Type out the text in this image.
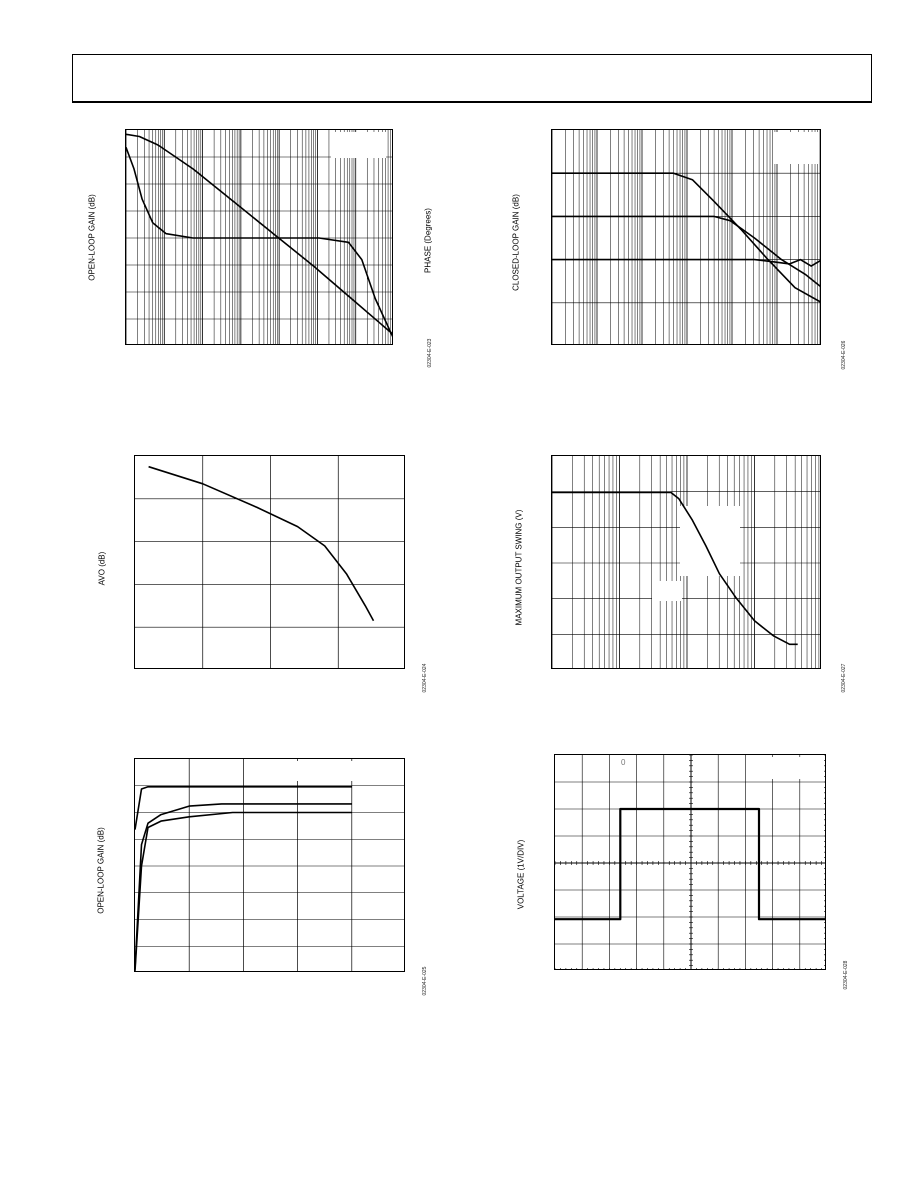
OPEN-LOOP GAIN (dB)	PHASE (Degrees)
02304-E-023
CLOSED-LOOP GAIN (dB)
02304-E-026
AVO (dB)
02304-E-024
MAXIMUM OUTPUT SWING (V)
02304-E-027
OPEN-LOOP GAIN (dB)
02304-E-025
0
VOLTAGE (1V/DIV)
02304-E-028
